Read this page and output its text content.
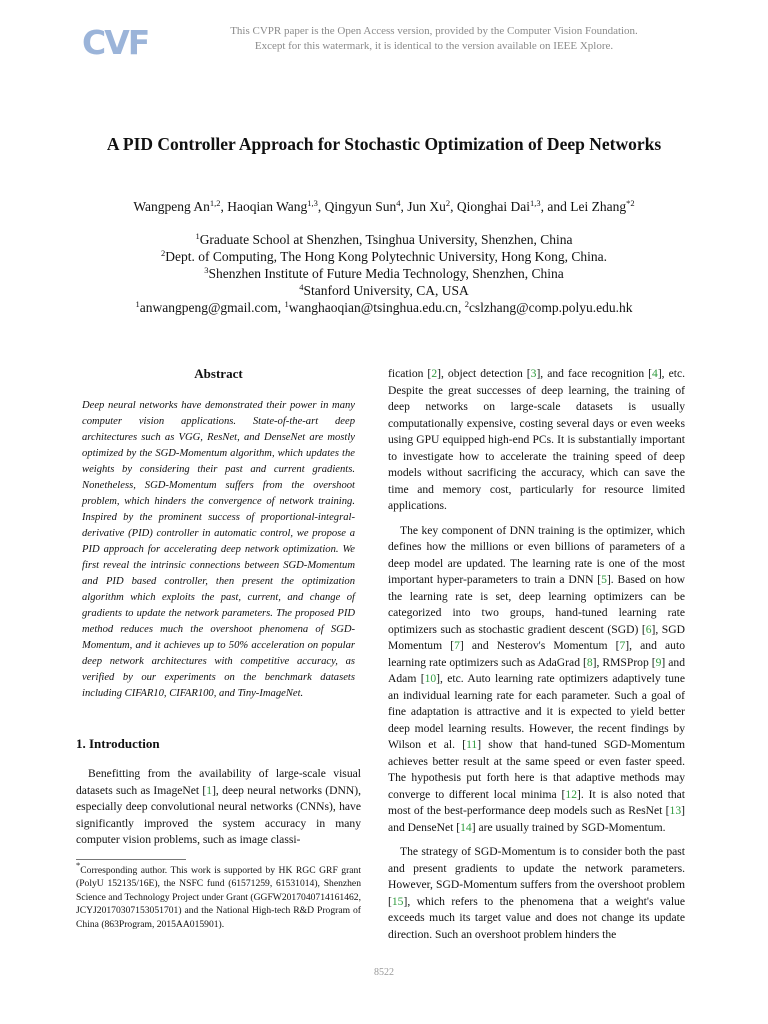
CVF	This CVPR paper is the Open Access version, provided by the Computer Vision Foundation.
Except for this watermark, it is identical to the version available on IEEE Xplore.
A PID Controller Approach for Stochastic Optimization of Deep Networks
Wangpeng An$^{1,2}$, Haoqian Wang$^{1,3}$, Qingyun Sun$^4$, Jun Xu$^2$, Qionghai Dai$^{1,3}$, and Lei Zhang$^{*2}$
$^1$Graduate School at Shenzhen, Tsinghua University, Shenzhen, China
$^2$Dept. of Computing, The Hong Kong Polytechnic University, Hong Kong, China.
$^3$Shenzhen Institute of Future Media Technology, Shenzhen, China
$^4$Stanford University, CA, USA
$^1$anwangpeng@gmail.com, $^1$wanghaoqian@tsinghua.edu.cn, $^2$cslzhang@comp.polyu.edu.hk
Abstract
Deep neural networks have demonstrated their power in many computer vision applications. State-of-the-art deep architectures such as VGG, ResNet, and DenseNet are mostly optimized by the SGD-Momentum algorithm, which updates the weights by considering their past and current gradients. Nonetheless, SGD-Momentum suffers from the overshoot problem, which hinders the convergence of network training. Inspired by the prominent success of proportional-integral-derivative (PID) controller in automatic control, we propose a PID approach for accelerating deep network optimization. We first reveal the intrinsic connections between SGD-Momentum and PID based controller, then present the optimization algorithm which exploits the past, current, and change of gradients to update the network parameters. The proposed PID method reduces much the overshoot phenomena of SGD-Momentum, and it achieves up to 50% acceleration on popular deep network architectures with competitive accuracy, as verified by our experiments on the benchmark datasets including CIFAR10, CIFAR100, and Tiny-ImageNet.
1. Introduction

Benefitting from the availability of large-scale visual datasets such as ImageNet [1], deep neural networks (DNN), especially deep convolutional neural networks (CNNs), have significantly improved the system accuracy in many computer vision problems, such as image classi-

*Corresponding author. This work is supported by HK RGC GRF grant (PolyU 152135/16E), the NSFC fund (61571259, 61531014), Shenzhen Science and Technology Project under Grant (GGFW2017040714161462, JCYJ20170307153051701) and the National High-tech R&D Program of China (863Program, 2015AA015901).

fication [2], object detection [3], and face recognition [4], etc. Despite the great successes of deep learning, the training of deep networks on large-scale datasets is usually computationally expensive, costing several days or even weeks using GPU equipped high-end PCs. It is substantially important to investigate how to accelerate the training speed of deep models without sacrificing the accuracy, which can save the time and memory cost, particularly for resource limited applications.

The key component of DNN training is the optimizer, which defines how the millions or even billions of parameters of a deep model are updated. The learning rate is one of the most important hyper-parameters to train a DNN [5]. Based on how the learning rate is set, deep learning optimizers can be categorized into two groups, hand-tuned learning rate optimizers such as stochastic gradient descent (SGD) [6], SGD Momentum [7] and Nesterov's Momentum [7], and auto learning rate optimizers such as AdaGrad [8], RMSProp [9] and Adam [10], etc. Auto learning rate optimizers adaptively tune an individual learning rate for each parameter. Such a goal of fine adaptation is attractive and it is expected to yield better deep model learning results. However, the recent findings by Wilson et al. [11] show that hand-tuned SGD-Momentum achieves better result at the same speed or even faster speed. The hypothesis put forth here is that adaptive methods may converge to different local minima [12]. It is also noted that most of the best-performance deep models such as ResNet [13] and DenseNet [14] are usually trained by SGD-Momentum.

The strategy of SGD-Momentum is to consider both the past and present gradients to update the network parameters. However, SGD-Momentum suffers from the overshoot problem [15], which refers to the phenomena that a weight's value exceeds much its target value and does not change its update direction. Such an overshoot problem hinders the

8522
